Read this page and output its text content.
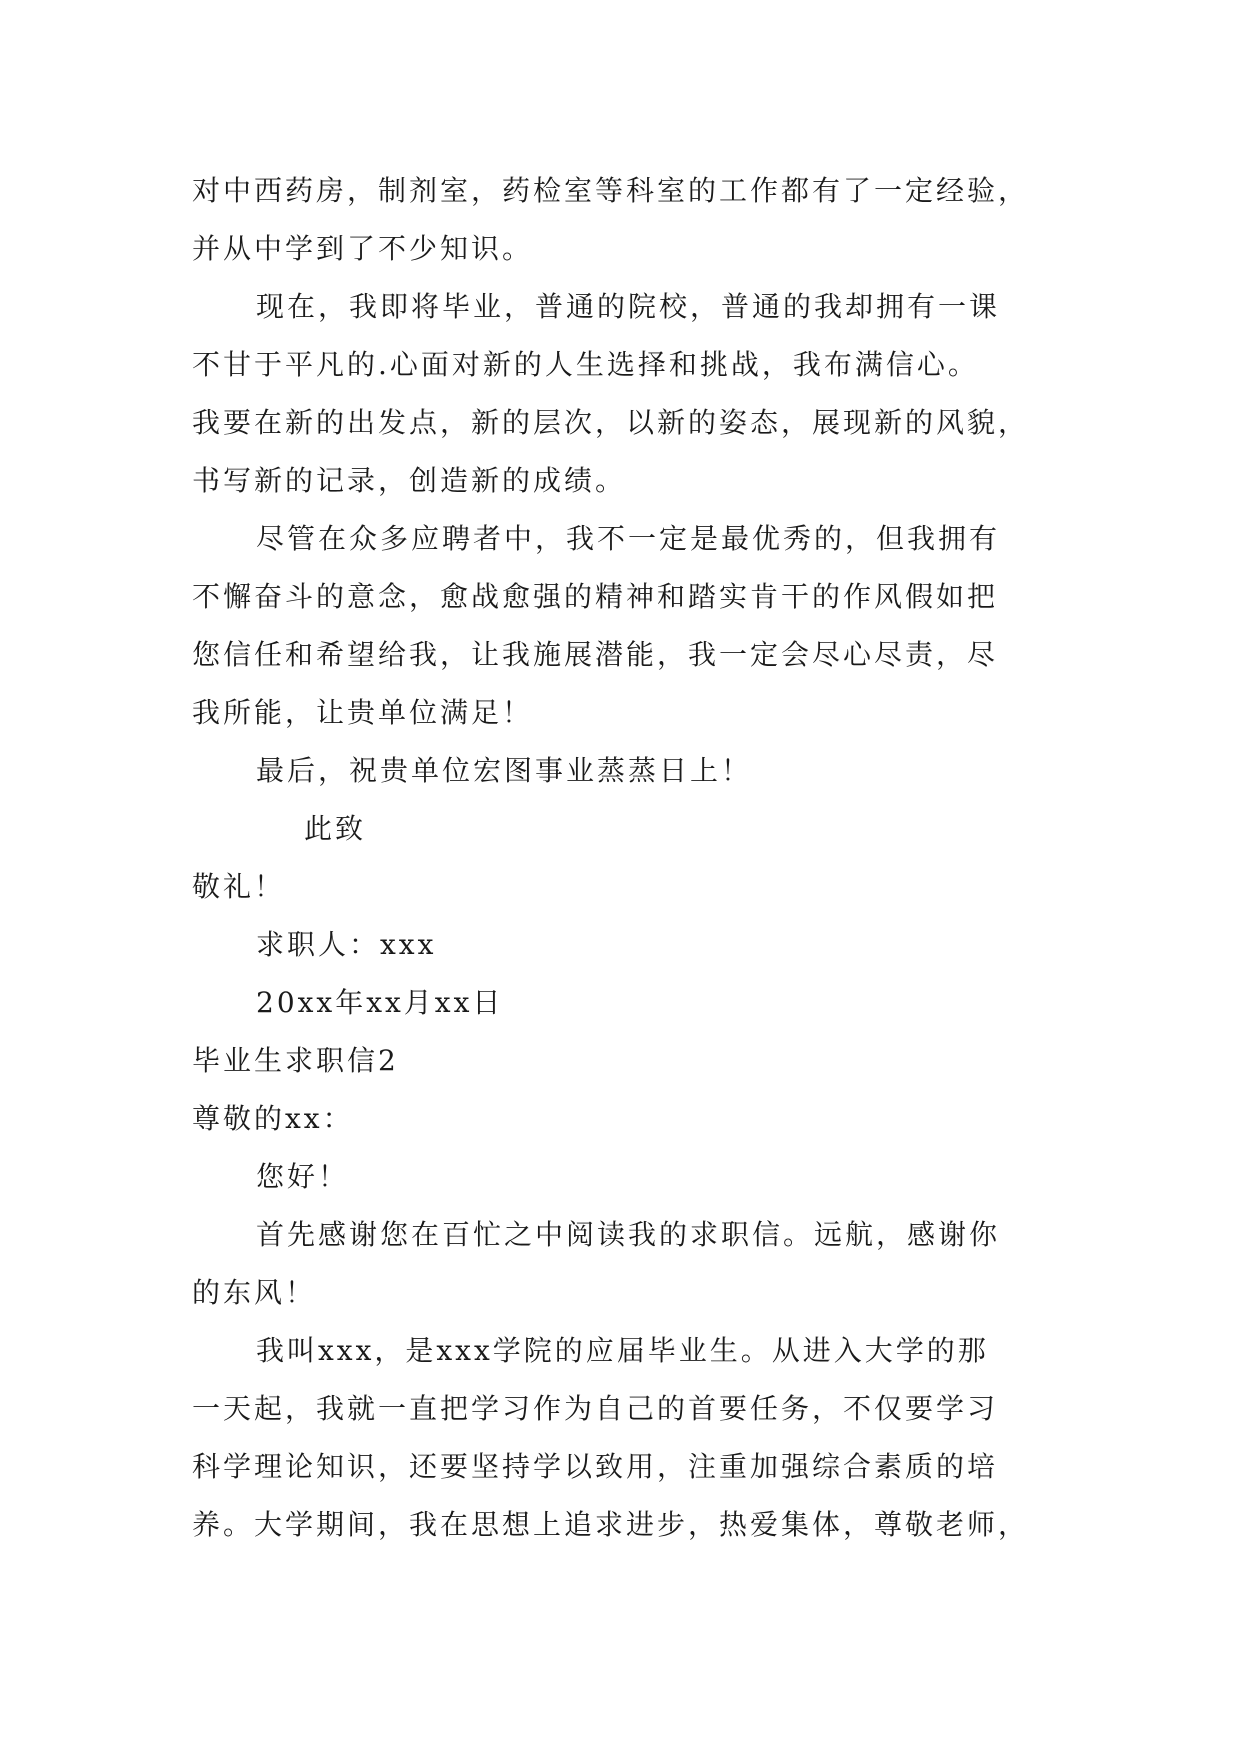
对中西药房，制剂室，药检室等科室的工作都有了一定经验，
并从中学到了不少知识。
现在，我即将毕业，普通的院校，普通的我却拥有一课
不甘于平凡的.心面对新的人生选择和挑战，我布满信心。
我要在新的出发点，新的层次，以新的姿态，展现新的风貌，
书写新的记录，创造新的成绩。
尽管在众多应聘者中，我不一定是最优秀的，但我拥有
不懈奋斗的意念，愈战愈强的精神和踏实肯干的作风假如把
您信任和希望给我，让我施展潜能，我一定会尽心尽责，尽
我所能，让贵单位满足！
最后，祝贵单位宏图事业蒸蒸日上！
此致
敬礼！
求职人：xxx
20xx年xx月xx日
毕业生求职信2
尊敬的xx：
您好！
首先感谢您在百忙之中阅读我的求职信。远航，感谢你
的东风！
我叫xxx，是xxx学院的应届毕业生。从进入大学的那
一天起，我就一直把学习作为自己的首要任务，不仅要学习
科学理论知识，还要坚持学以致用，注重加强综合素质的培
养。大学期间，我在思想上追求进步，热爱集体，尊敬老师，
